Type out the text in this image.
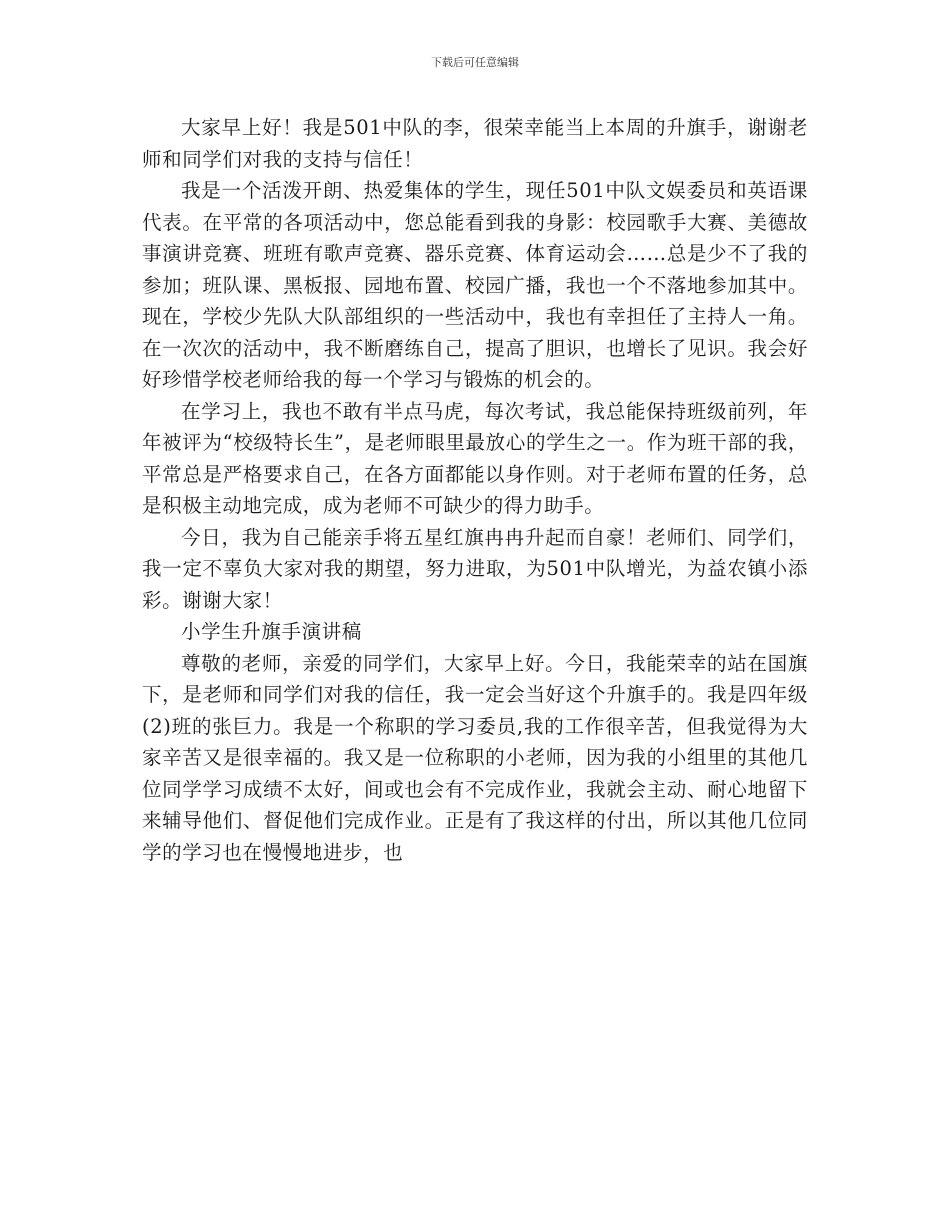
下载后可任意编辑

大家早上好！我是501中队的李，很荣幸能当上本周的升旗手，谢谢老师和同学们对我的支持与信任！

我是一个活泼开朗、热爱集体的学生，现任501中队文娱委员和英语课代表。在平常的各项活动中，您总能看到我的身影：校园歌手大赛、美德故事演讲竞赛、班班有歌声竞赛、器乐竞赛、体育运动会……总是少不了我的参加；班队课、黑板报、园地布置、校园广播，我也一个不落地参加其中。现在，学校少先队大队部组织的一些活动中，我也有幸担任了主持人一角。在一次次的活动中，我不断磨练自己，提高了胆识，也增长了见识。我会好好珍惜学校老师给我的每一个学习与锻炼的机会的。

在学习上，我也不敢有半点马虎，每次考试，我总能保持班级前列，年年被评为“校级特长生”，是老师眼里最放心的学生之一。作为班干部的我，平常总是严格要求自己，在各方面都能以身作则。对于老师布置的任务，总是积极主动地完成，成为老师不可缺少的得力助手。

今日，我为自己能亲手将五星红旗冉冉升起而自豪！老师们、同学们，我一定不辜负大家对我的期望，努力进取，为501中队增光，为益农镇小添彩。谢谢大家！

小学生升旗手演讲稿

尊敬的老师，亲爱的同学们，大家早上好。今日，我能荣幸的站在国旗下，是老师和同学们对我的信任，我一定会当好这个升旗手的。我是四年级(2)班的张巨力。我是一个称职的学习委员,我的工作很辛苦，但我觉得为大家辛苦又是很幸福的。我又是一位称职的小老师，因为我的小组里的其他几位同学学习成绩不太好，间或也会有不完成作业，我就会主动、耐心地留下来辅导他们、督促他们完成作业。正是有了我这样的付出，所以其他几位同学的学习也在慢慢地进步，也
